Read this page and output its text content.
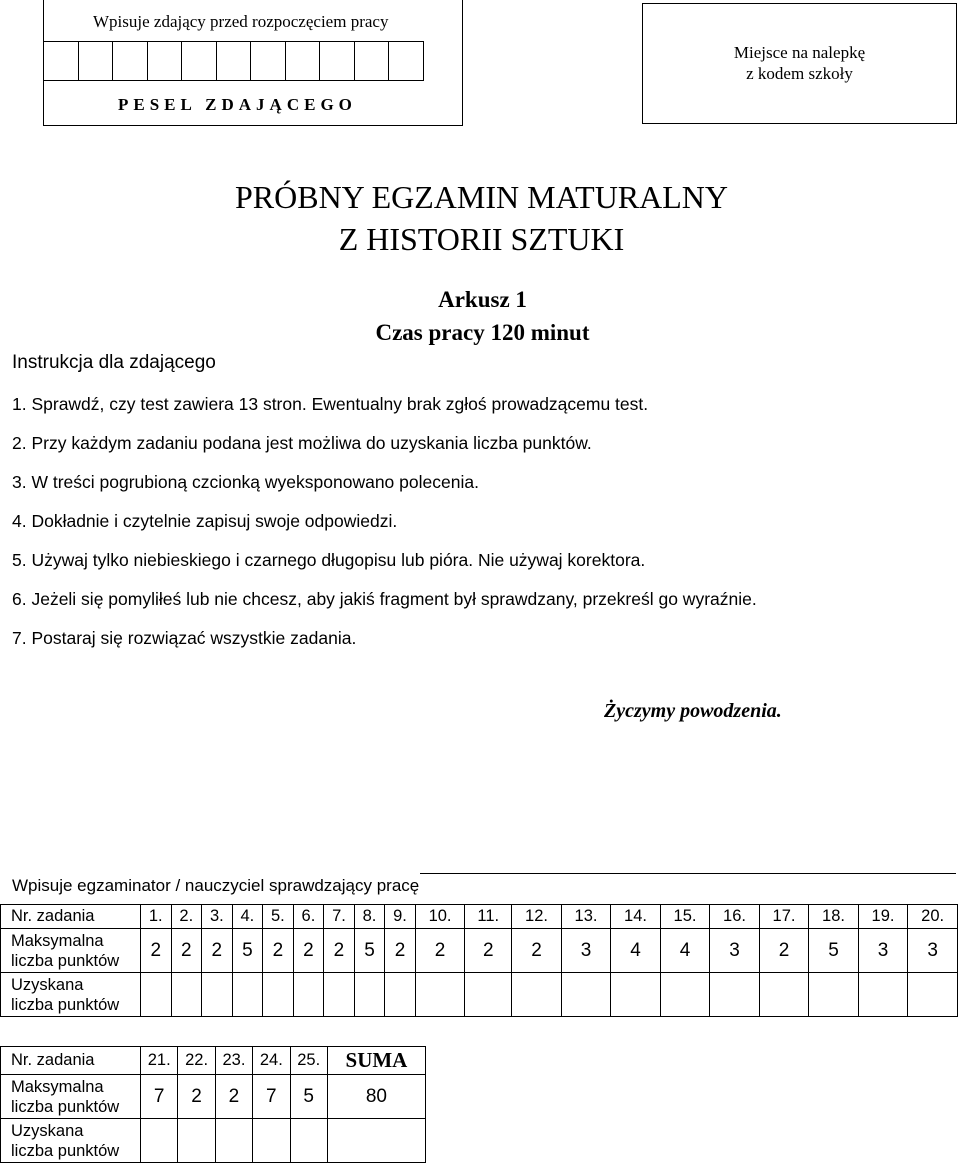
Wpisuje zdający przed rozpoczęciem pracy
PESEL ZDAJĄCEGO
Miejsce na nalepkę
z kodem szkoły
PRÓBNY EGZAMIN MATURALNY
Z HISTORII SZTUKI
Arkusz 1
Czas pracy 120 minut
Instrukcja dla zdającego
1. Sprawdź, czy test zawiera 13 stron. Ewentualny brak zgłoś prowadzącemu test.
2. Przy każdym zadaniu podana jest możliwa do uzyskania liczba punktów.
3. W treści pogrubioną czcionką wyeksponowano polecenia.
4. Dokładnie i czytelnie zapisuj swoje odpowiedzi.
5. Używaj tylko niebieskiego i czarnego długopisu lub pióra. Nie używaj korektora.
6. Jeżeli się pomyliłeś lub nie chcesz, aby jakiś fragment był sprawdzany, przekreśl go wyraźnie.
7. Postaraj się rozwiązać wszystkie zadania.
Życzymy powodzenia.
Wpisuje egzaminator / nauczyciel sprawdzający pracę
Nr. zadania	1.	2.	3.	4.	5.	6.	7.	8.	9.	10.	11.	12.	13.	14.	15.	16.	17.	18.	19.	20.

Maksymalna
liczba punktów	2	2	2	5	2	2	2	5	2	2	2	2	3	4	4	3	2	5	3	3

Uzyskana
liczba punktów																				

Nr. zadania	21.	22.	23.	24.	25.	SUMA

Maksymalna
liczba punktów	7	2	2	7	5	80

Uzyskana
liczba punktów						
